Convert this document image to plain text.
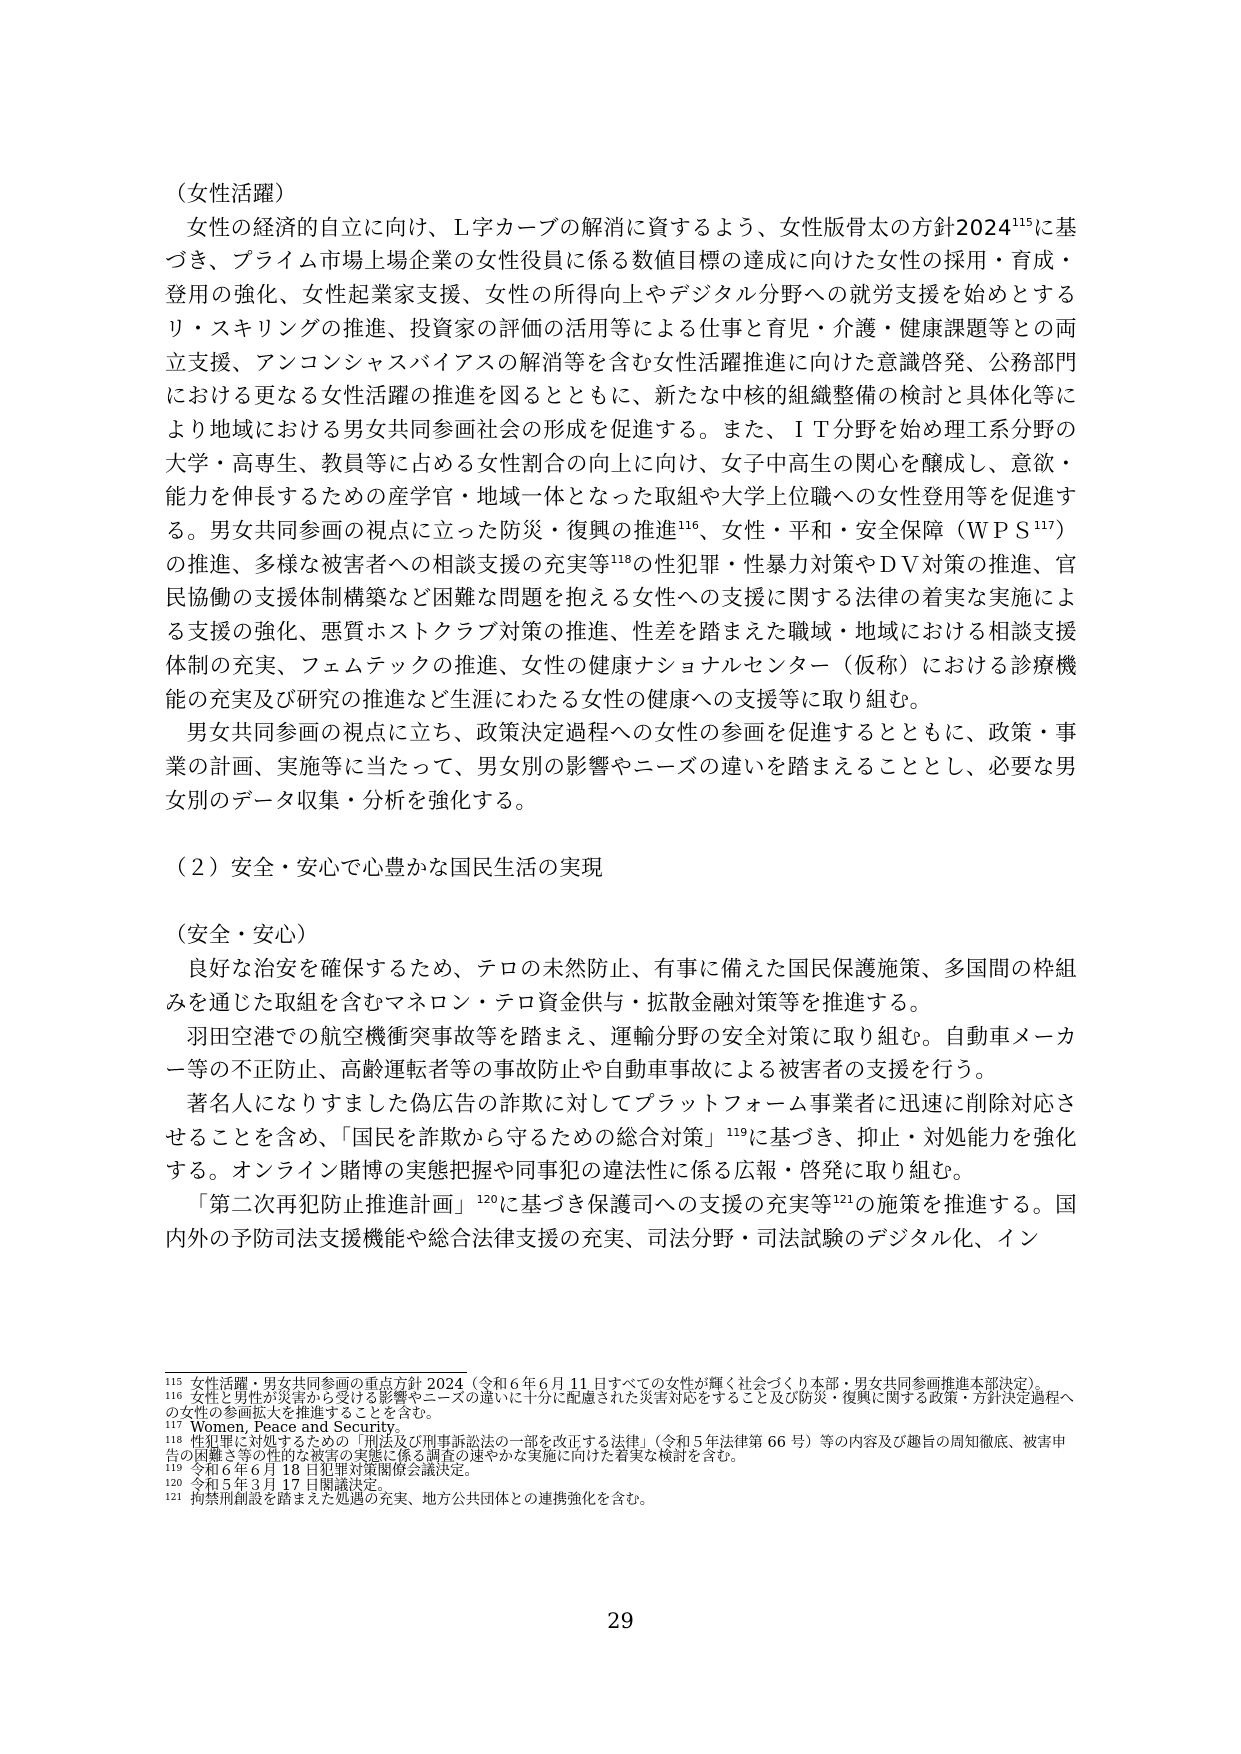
（女性活躍）

女性の経済的自立に向け、Ｌ字カーブの解消に資するよう、女性版骨太の方針2024$^{115}$に基づき、プライム市場上場企業の女性役員に係る数値目標の達成に向けた女性の採用・育成・登用の強化、女性起業家支援、女性の所得向上やデジタル分野への就労支援を始めとするリ・スキリングの推進、投資家の評価の活用等による仕事と育児・介護・健康課題等との両立支援、アンコンシャスバイアスの解消等を含む女性活躍推進に向けた意識啓発、公務部門における更なる女性活躍の推進を図るとともに、新たな中核的組織整備の検討と具体化等により地域における男女共同参画社会の形成を促進する。また、ＩＴ分野を始め理工系分野の大学・高専生、教員等に占める女性割合の向上に向け、女子中高生の関心を醸成し、意欲・能力を伸長するための産学官・地域一体となった取組や大学上位職への女性登用等を促進する。男女共同参画の視点に立った防災・復興の推進$^{116}$、女性・平和・安全保障（ＷＰＳ$^{117}$）の推進、多様な被害者への相談支援の充実等$^{118}$の性犯罪・性暴力対策やＤＶ対策の推進、官民協働の支援体制構築など困難な問題を抱える女性への支援に関する法律の着実な実施による支援の強化、悪質ホストクラブ対策の推進、性差を踏まえた職域・地域における相談支援体制の充実、フェムテックの推進、女性の健康ナショナルセンター（仮称）における診療機能の充実及び研究の推進など生涯にわたる女性の健康への支援等に取り組む。

男女共同参画の視点に立ち、政策決定過程への女性の参画を促進するとともに、政策・事業の計画、実施等に当たって、男女別の影響やニーズの違いを踏まえることとし、必要な男女別のデータ収集・分析を強化する。

（２）安全・安心で心豊かな国民生活の実現

（安全・安心）

良好な治安を確保するため、テロの未然防止、有事に備えた国民保護施策、多国間の枠組みを通じた取組を含むマネロン・テロ資金供与・拡散金融対策等を推進する。

羽田空港での航空機衝突事故等を踏まえ、運輸分野の安全対策に取り組む。自動車メーカー等の不正防止、高齢運転者等の事故防止や自動車事故による被害者の支援を行う。

著名人になりすました偽広告の詐欺に対してプラットフォーム事業者に迅速に削除対応させることを含め、「国民を詐欺から守るための総合対策」$^{119}$に基づき、抑止・対処能力を強化する。オンライン賭博の実態把握や同事犯の違法性に係る広報・啓発に取り組む。

「第二次再犯防止推進計画」$^{120}$に基づき保護司への支援の充実等$^{121}$の施策を推進する。国内外の予防司法支援機能や総合法律支援の充実、司法分野・司法試験のデジタル化、イン

$^{115}$ 女性活躍・男女共同参画の重点方針 2024（令和６年６月 11 日すべての女性が輝く社会づくり本部・男女共同参画推進本部決定）。

$^{116}$ 女性と男性が災害から受ける影響やニーズの違いに十分に配慮された災害対応をすること及び防災・復興に関する政策・方針決定過程への女性の参画拡大を推進することを含む。

$^{117}$ Women, Peace and Security。

$^{118}$ 性犯罪に対処するための「刑法及び刑事訴訟法の一部を改正する法律」（令和５年法律第 66 号）等の内容及び趣旨の周知徹底、被害申告の困難さ等の性的な被害の実態に係る調査の速やかな実施に向けた着実な検討を含む。

$^{119}$ 令和６年６月 18 日犯罪対策閣僚会議決定。

$^{120}$ 令和５年３月 17 日閣議決定。

$^{121}$ 拘禁刑創設を踏まえた処遇の充実、地方公共団体との連携強化を含む。

29
